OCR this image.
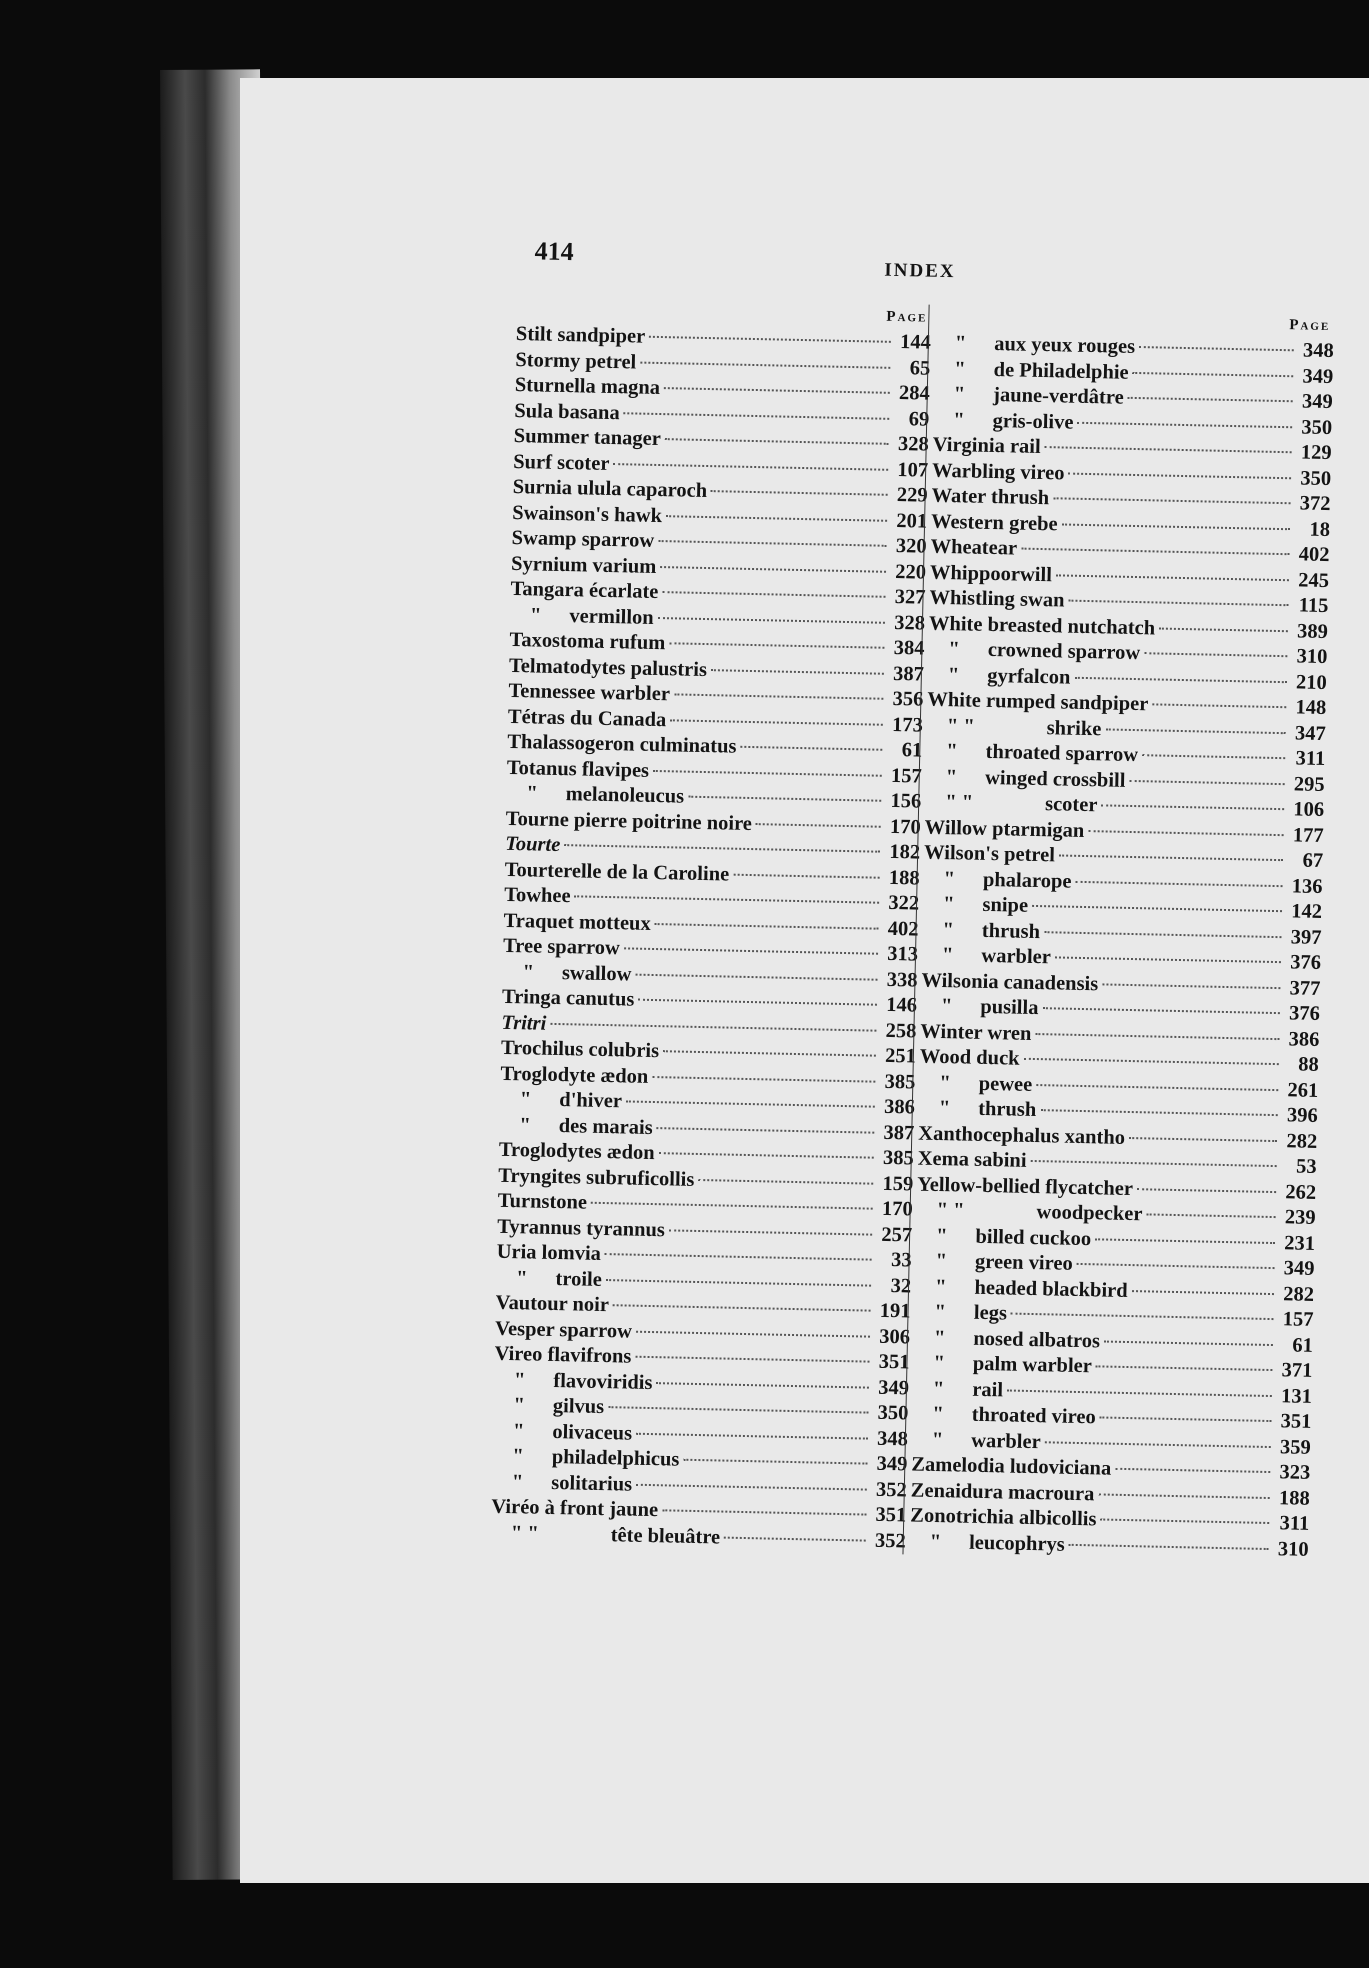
414
INDEX
Page
Stilt sandpiper	144
Stormy petrel	65
Sturnella magna	284
Sula basana	69
Summer tanager	328
Surf scoter	107
Surnia ulula caparoch	229
Swainson's hawk	201
Swamp sparrow	320
Syrnium varium	220
Tangara écarlate	327
" vermillon	328
Taxostoma rufum	384
Telmatodytes palustris	387
Tennessee warbler	356
Tétras du Canada	173
Thalassogeron culminatus	61
Totanus flavipes	157
" melanoleucus	156
Tourne pierre poitrine noire	170
Tourte	182
Tourterelle de la Caroline	188
Towhee	322
Traquet motteux	402
Tree sparrow	313
" swallow	338
Tringa canutus	146
Tritri	258
Trochilus colubris	251
Troglodyte ædon	385
" d'hiver	386
" des marais	387
Troglodytes ædon	385
Tryngites subruficollis	159
Turnstone	170
Tyrannus tyrannus	257
Uria lomvia	33
" troile	32
Vautour noir	191
Vesper sparrow	306
Vireo flavifrons	351
" flavoviridis	349
" gilvus	350
" olivaceus	348
" philadelphicus	349
" solitarius	352
Viréo à front jaune	351
" "	tête bleuâtre	352
Page
" aux yeux rouges	348
" de Philadelphie	349
" jaune-verdâtre	349
" gris-olive	350
Virginia rail	129
Warbling vireo	350
Water thrush	372
Western grebe	18
Wheatear	402
Whippoorwill	245
Whistling swan	115
White breasted nutchatch	389
" crowned sparrow	310
" gyrfalcon	210
White rumped sandpiper	148
" "	shrike	347
" throated sparrow	311
" winged crossbill	295
" "	scoter	106
Willow ptarmigan	177
Wilson's petrel	67
" phalarope	136
" snipe	142
" thrush	397
" warbler	376
Wilsonia canadensis	377
" pusilla	376
Winter wren	386
Wood duck	88
" pewee	261
" thrush	396
Xanthocephalus xantho	282
Xema sabini	53
Yellow-bellied flycatcher	262
" "	woodpecker	239
" billed cuckoo	231
" green vireo	349
" headed blackbird	282
" legs	157
" nosed albatros	61
" palm warbler	371
" rail	131
" throated vireo	351
" warbler	359
Zamelodia ludoviciana	323
Zenaidura macroura	188
Zonotrichia albicollis	311
" leucophrys	310
